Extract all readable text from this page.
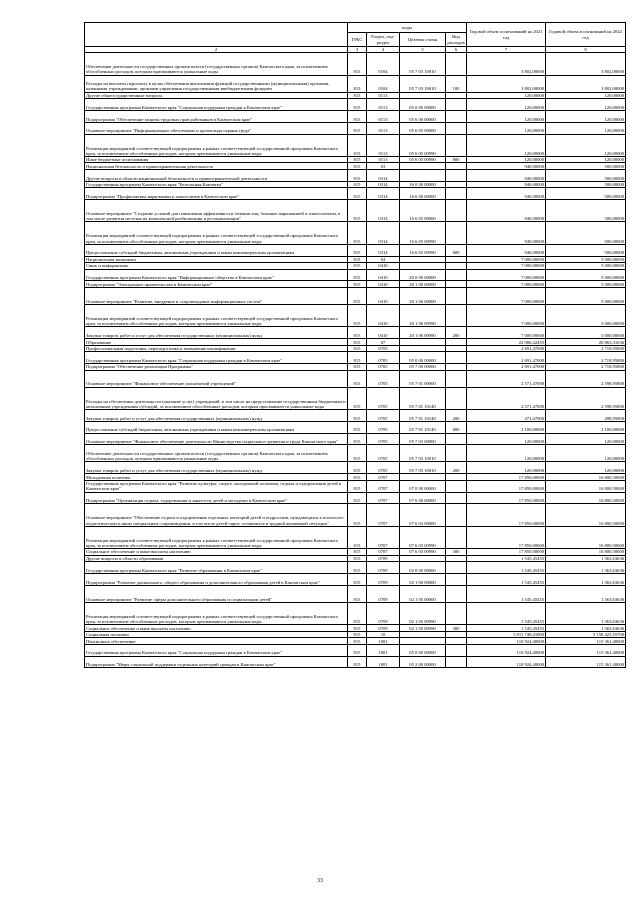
		коды				Годовой объем ассигнований на 2021 год	Годовой объем ассигнований на 2022 год
	ГРБС	Раздел, под-раздел	Целевая статья	Вид расходов		
	2	3	4	5	6	7	8
	Обеспечение деятельности государственных органов власти (государственных органов) Камчатского края, за исключением обособленных расходов, которым присваиваются уникальные коды	815	0104	05 7 03 10010		3 802,00000	3 802,00000
	Расходы на выплаты персоналу в целях обеспечения выполнения функций государственными (муниципальными) органами, казенными учреждениями, органами управления государственными внебюджетными фондами	815	0104	05 7 03 10010	100	3 802,00000	3 802,00000
	Другие общегосударственные вопросы	815	0113			120,00000	120,00000
	Государственная программа Камчатского края "Социальная поддержка граждан в Камчатском крае"	815	0113	05 0 00 00000		120,00000	120,00000
	Подпрограмма "Обеспечение защиты трудовых прав работников в Камчатском крае"	815	0113	05 6 00 00000		120,00000	120,00000
	Основное мероприятие "Информационное обеспечение и пропаганда охраны труда"	815	0113	05 6 05 00000		120,00000	120,00000
	Реализация мероприятий соответствующей подпрограммы в рамках соответствующей государственной программы Камчатского края, за исключением обособленных расходов, которым присваиваются уникальные коды	815	0113	05 6 05 00990		120,00000	120,00000
	Иные бюджетные ассигнования	815	0113	05 6 05 00990	800	120,00000	120,00000
	Национальная безопасность и правоохранительная деятельность	815	03			940,00000	500,00000
	Другие вопросы в области национальной безопасности и правоохранительной деятельности	815	0314			940,00000	500,00000
	Государственная программа Камчатского края "Безопасная Камчатка"	815	0314	16 0 00 00000		940,00000	500,00000
	Подпрограмма "Профилактика наркомании и алкоголизма в Камчатском крае"	815	0314	16 6 00 00000		940,00000	500,00000
	Основное мероприятие "Создание условий для повышения эффективности лечения лиц, больных наркоманией и алкоголизмом, в том числе развития системы их комплексной реабилитации и ресоциализации"	815	0314	16 6 05 00000		940,00000	500,00000
	Реализация мероприятий соответствующей подпрограммы в рамках соответствующей государственной программы Камчатского края, за исключением обособленных расходов, которым присваиваются уникальные коды	815	0314	16 6 05 00990		940,00000	500,00000
	Предоставление субсидий бюджетным, автономным учреждениям и иным некоммерческим организациям	815	0314	16 6 05 00990	600	940,00000	500,00000
	Национальная экономика	815	04			7 000,00000	5 000,00000
	Связь и информатика	815	0410			7 000,00000	5 000,00000
	Государственная программа Камчатского края "Информационное общество в Камчатском крае"	815	0410	20 0 00 00000		7 000,00000	5 000,00000
	Подпрограмма "Электронное правительство в Камчатском крае"	815	0410	20 1 00 00000		7 000,00000	5 000,00000
	Основное мероприятие "Развитие, внедрение и сопровождение информационных систем"	815	0410	20 1 06 00000		7 000,00000	5 000,00000
	Реализация мероприятий соответствующей подпрограммы в рамках соответствующей государственной программы Камчатского края, за исключением обособленных расходов, которым присваиваются уникальные коды	815	0410	20 1 06 00990		7 000,00000	5 000,00000
	Закупка товаров, работ и услуг для обеспечения государственных (муниципальных) нужд	815	0410	20 1 06 00990	200	7 000,00000	5 000,00000
	Образование	815	07			22 086,42455	20 863,31636
	Профессиональная подготовка, переподготовка и повышение квалификации	815	0705			2 691,47000	2 718,95800
	Государственная программа Камчатского края "Социальная поддержка граждан в Камчатском крае"	815	0705	05 0 00 00000		2 691,47000	2 718,95800
	Подпрограмма "Обеспечение реализации Программы"	815	0705	05 7 00 00000		2 691,47000	2 718,95800
	Основное мероприятие "Финансовое обеспечение полномочий учреждений"	815	0705	05 7 01 00000		2 571,47000	2 598,95800
	Расходы на обеспечение деятельности (оказание услуг) учреждений, в том числе на предоставление государственным бюджетным и автономным учреждениям субсидий, за исключением обособленных расходов, которым присваиваются уникальные коды	815	0705	05 7 01 10140		2 571,47000	2 598,95800
	Закупка товаров, работ и услуг для обеспечения государственных (муниципальных) нужд	815	0705	05 7 01 10140	200	471,47000	498,95800
	Предоставление субсидий бюджетным, автономным учреждениям и иным некоммерческим организациям	815	0705	05 7 01 10140	600	2 100,00000	2 100,00000
	Основное мероприятие "Финансовое обеспечение деятельности Министерства социального развития и труда Камчатского края"	815	0705	05 7 03 00000		120,00000	120,00000
	Обеспечение деятельности государственных органов власти (государственных органов) Камчатского края, за исключением обособленных расходов, которым присваиваются уникальные коды	815	0705	05 7 03 10010		120,00000	120,00000
	Закупка товаров, работ и услуг для обеспечения государственных (муниципальных) нужд	815	0705	05 7 03 10010	200	120,00000	120,00000
	Молодежная политика	815	0707			17 850,00000	16 800,50000
	Государственная программа Камчатского края "Развитие культуры, спорта, молодежной политики, отдыха и оздоровления детей в Камчатском крае"	815	0707	07 0 00 00000		17 850,00000	16 800,50000
	Подпрограмма "Организация отдыха, оздоровления и занятости детей и молодежи в Камчатском крае"	815	0707	07 6 00 00000		17 850,00000	16 800,50000
	Основное мероприятие "Обеспечение отдыха и оздоровления отдельных категорий детей и подростков, нуждающихся в психолого-педагогическом и ином специальном сопровождении, в том числе детей-сирот, оставшихся в трудной жизненной ситуации"	815	0707	07 6 03 00000		17 850,00000	16 800,50000
	Реализация мероприятий соответствующей подпрограммы в рамках соответствующей государственной программы Камчатского края, за исключением обособленных расходов, которым присваиваются уникальные коды	815	0707	07 6 03 00990		17 850,00000	16 800,50000
	Социальное обеспечение и иные выплаты населению	815	0707	07 6 03 00990	300	17 850,00000	16 800,50000
	Другие вопросы в области образования	815	0709			1 545,45455	1 363,63636
	Государственная программа Камчатского края "Развитие образования в Камчатском крае"	815	0709	02 0 00 00000		1 545,45455	1 363,63636
	Подпрограмма "Развитие дошкольного, общего образования и дополнительного образования детей в Камчатском крае"	815	0709	02 1 00 00000		1 545,45455	1 363,63636
	Основное мероприятие "Развитие сферы дополнительного образования и социализации детей"	815	0709	02 1 05 00000		1 545,45455	1 363,63636
	Реализация мероприятий соответствующей подпрограммы в рамках соответствующей государственной программы Камчатского края, за исключением обособленных расходов, которым присваиваются уникальные коды	815	0709	02 1 05 00990		1 545,45455	1 363,63636
	Социальное обеспечение и иные выплаты населению	815	0709	02 1 05 00990	300	1 545,45455	1 363,63636
	Социальная политика	815	10			5 011 749,41000	5 158 425,55700
	Пенсионное обеспечение	815	1001			110 924,40000	115 361,40000
	Государственная программа Камчатского края "Социальная поддержка граждан в Камчатском крае"	815	1001	05 0 00 00000		110 924,40000	115 361,40000
	Подпрограмма "Меры социальной поддержки отдельных категорий граждан в Камчатском крае"	815	1001	05 2 00 00000		110 924,40000	115 361,40000
33
